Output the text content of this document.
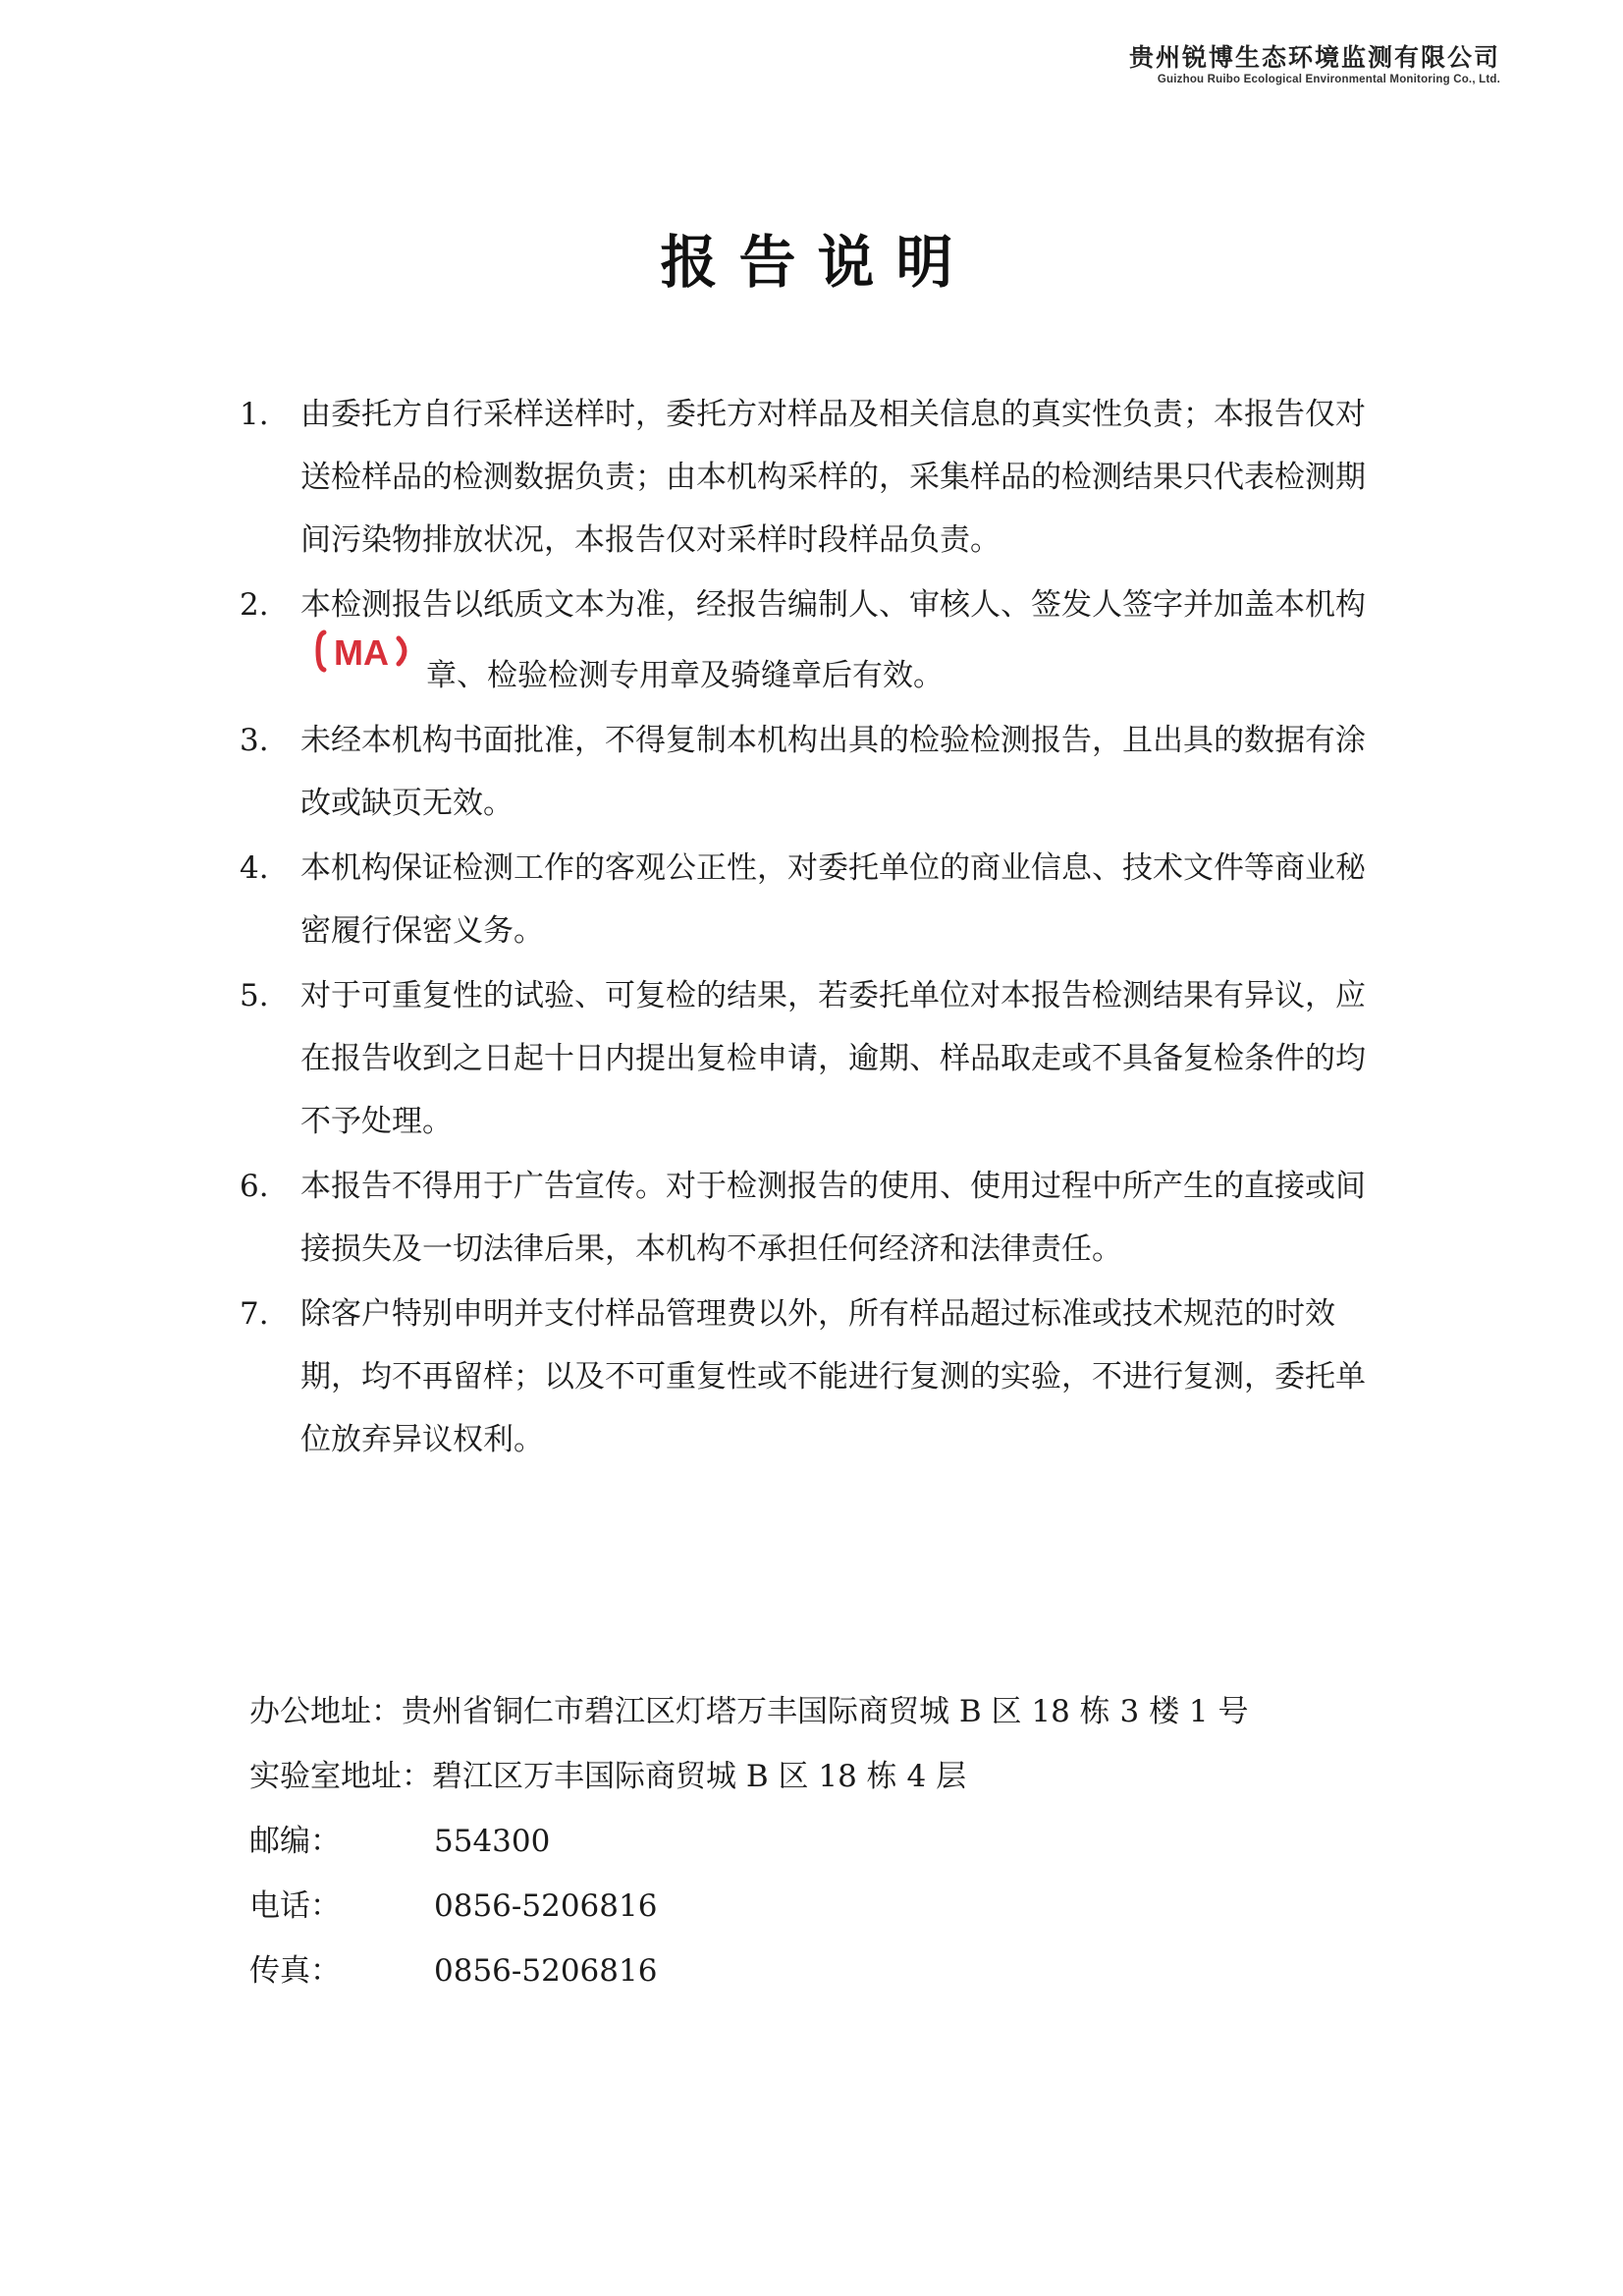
贵州锐博生态环境监测有限公司
Guizhou Ruibo Ecological Environmental Monitoring Co., Ltd.
报告说明
1. 由委托方自行采样送样时，委托方对样品及相关信息的真实性负责；本报告仅对送检样品的检测数据负责；由本机构采样的，采集样品的检测结果只代表检测期间污染物排放状况，本报告仅对采样时段样品负责。
2. 本检测报告以纸质文本为准，经报告编制人、审核人、签发人签字并加盖本机构
MA
章、检验检测专用章及骑缝章后有效。
3. 未经本机构书面批准，不得复制本机构出具的检验检测报告，且出具的数据有涂改或缺页无效。
4. 本机构保证检测工作的客观公正性，对委托单位的商业信息、技术文件等商业秘密履行保密义务。
5. 对于可重复性的试验、可复检的结果，若委托单位对本报告检测结果有异议，应在报告收到之日起十日内提出复检申请，逾期、样品取走或不具备复检条件的均不予处理。
6. 本报告不得用于广告宣传。对于检测报告的使用、使用过程中所产生的直接或间接损失及一切法律后果，本机构不承担任何经济和法律责任。
7. 除客户特别申明并支付样品管理费以外，所有样品超过标准或技术规范的时效期，均不再留样；以及不可重复性或不能进行复测的实验，不进行复测，委托单位放弃异议权利。
办公地址： 贵州省铜仁市碧江区灯塔万丰国际商贸城 B 区 18 栋 3 楼 1 号
实验室地址： 碧江区万丰国际商贸城 B 区 18 栋 4 层
邮编：	554300
电话：	0856-5206816
传真：	0856-5206816
